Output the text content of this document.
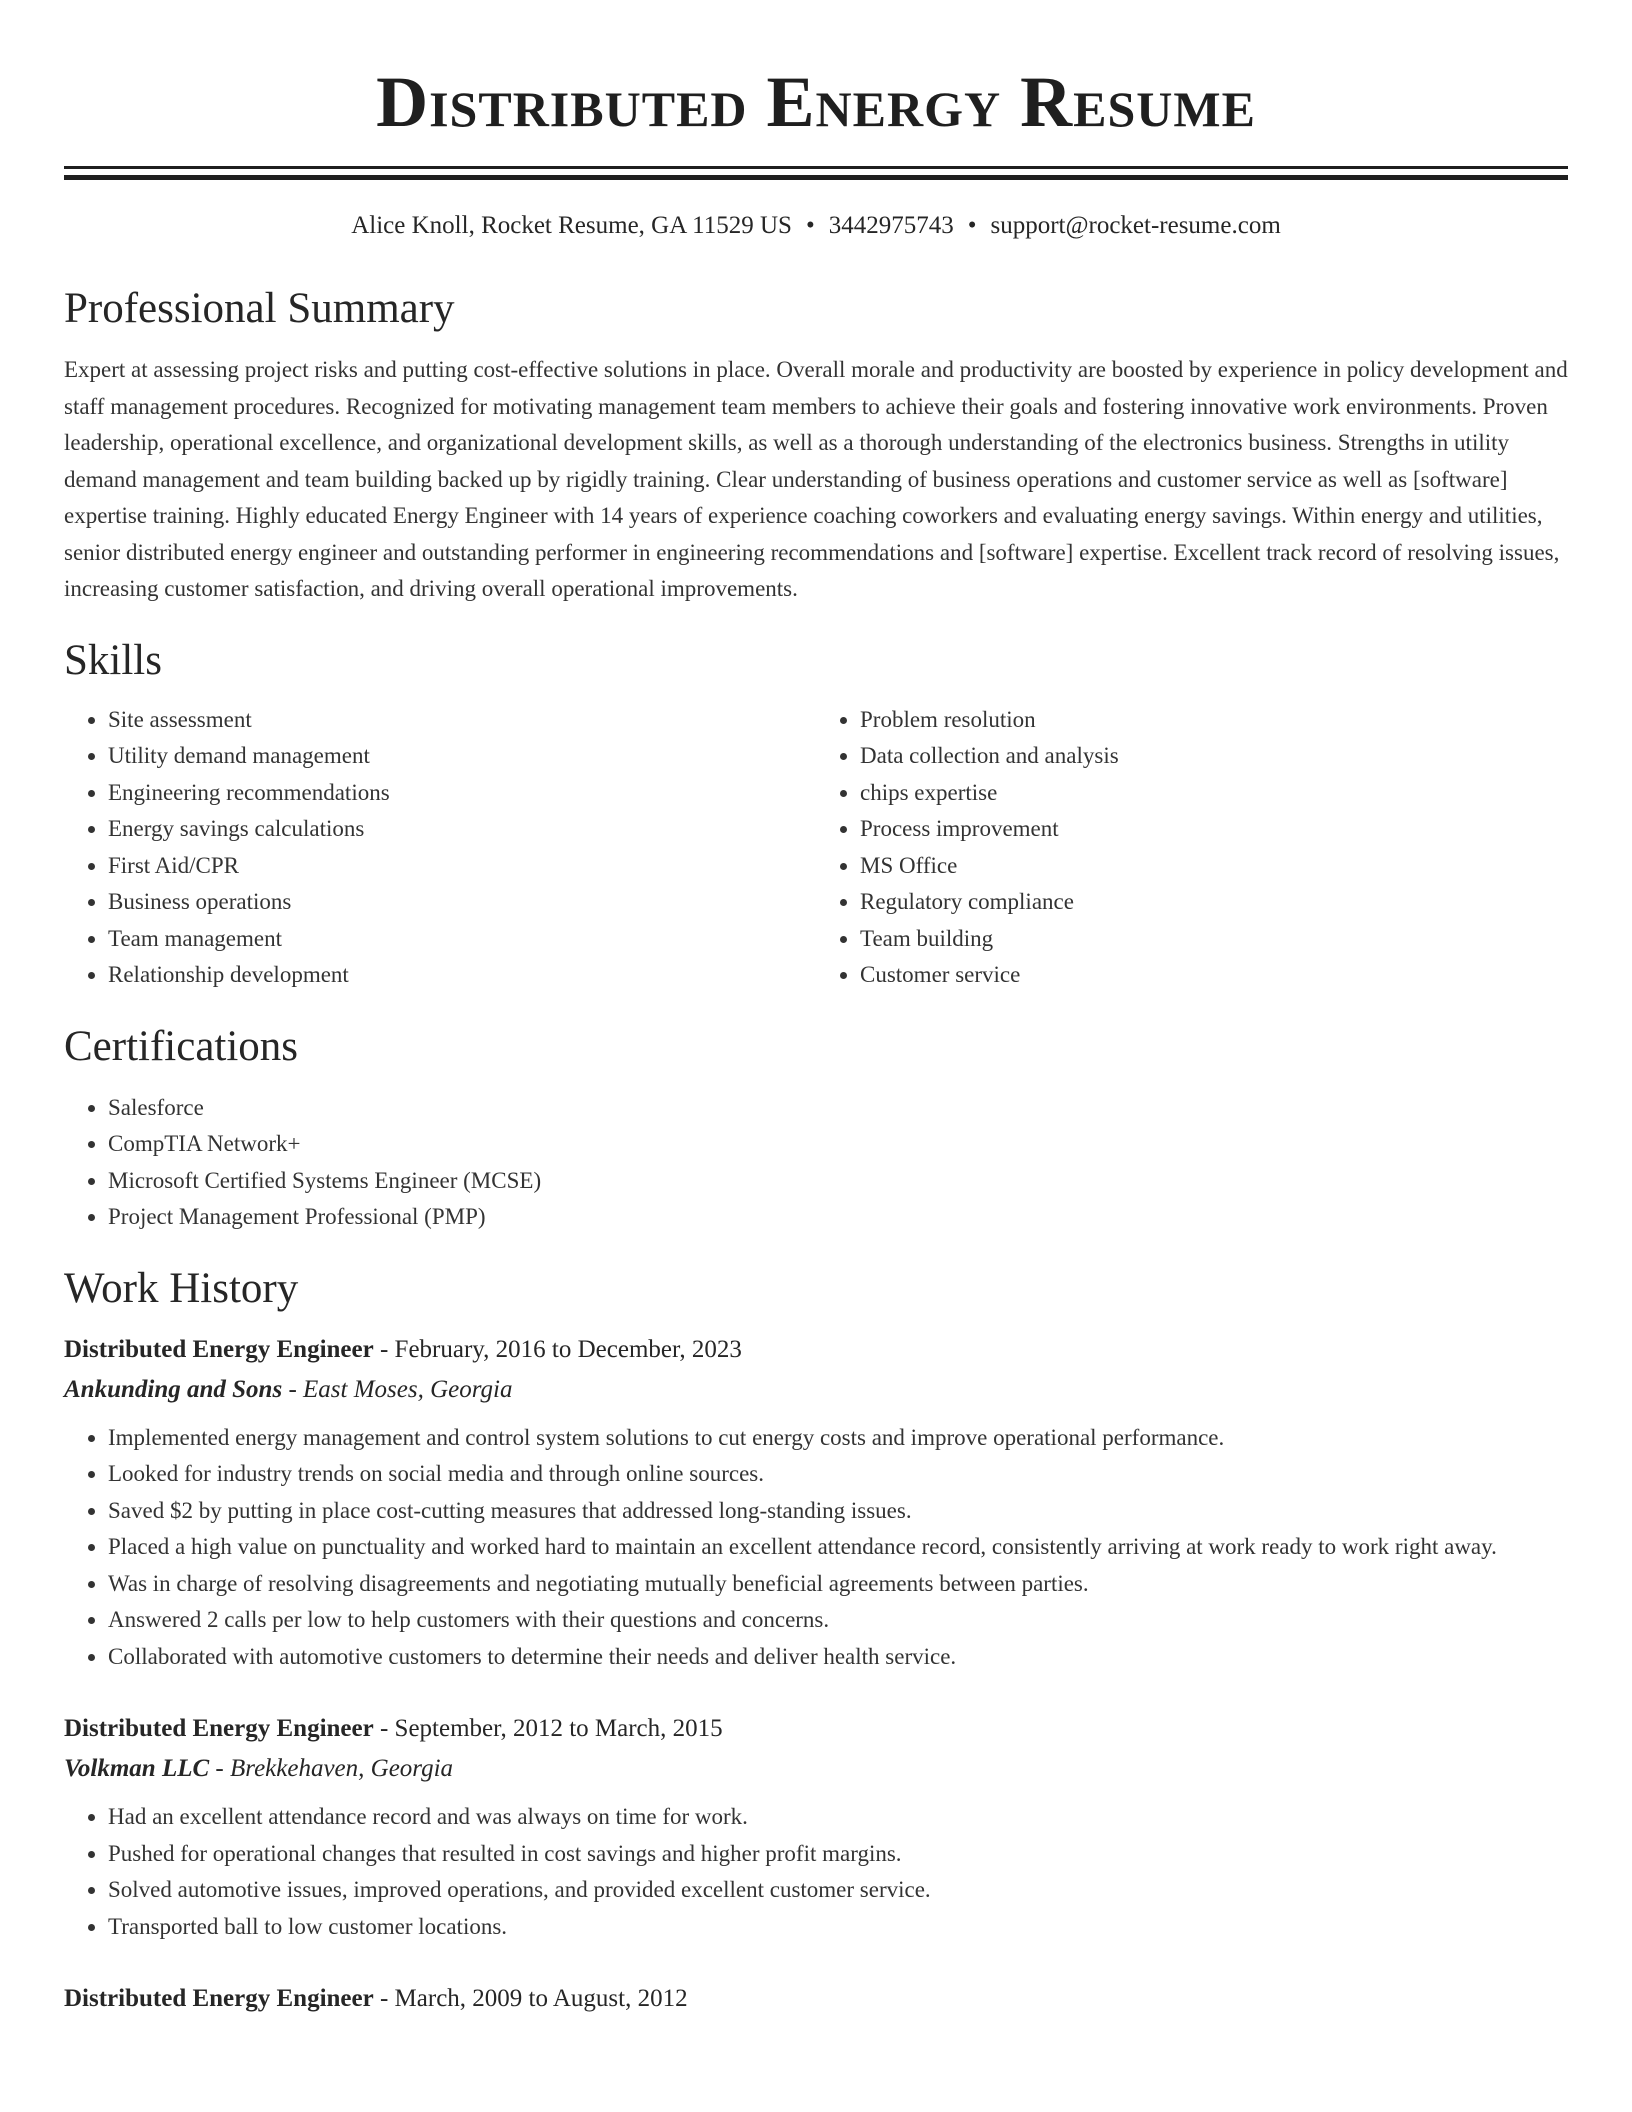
Distributed Energy Resume
Alice Knoll, Rocket Resume, GA 11529 US • 3442975743 • support@rocket-resume.com
Professional Summary
Expert at assessing project risks and putting cost-effective solutions in place. Overall morale and productivity are boosted by experience in policy development and staff management procedures. Recognized for motivating management team members to achieve their goals and fostering innovative work environments. Proven leadership, operational excellence, and organizational development skills, as well as a thorough understanding of the electronics business. Strengths in utility demand management and team building backed up by rigidly training. Clear understanding of business operations and customer service as well as [software] expertise training. Highly educated Energy Engineer with 14 years of experience coaching coworkers and evaluating energy savings. Within energy and utilities, senior distributed energy engineer and outstanding performer in engineering recommendations and [software] expertise. Excellent track record of resolving issues, increasing customer satisfaction, and driving overall operational improvements.
Skills
• Site assessment
• Utility demand management
• Engineering recommendations
• Energy savings calculations
• First Aid/CPR
• Business operations
• Team management
• Relationship development
• Problem resolution
• Data collection and analysis
• chips expertise
• Process improvement
• MS Office
• Regulatory compliance
• Team building
• Customer service
Certifications
• Salesforce
• CompTIA Network+
• Microsoft Certified Systems Engineer (MCSE)
• Project Management Professional (PMP)
Work History
Distributed Energy Engineer - February, 2016 to December, 2023
Ankunding and Sons - East Moses, Georgia
• Implemented energy management and control system solutions to cut energy costs and improve operational performance.
• Looked for industry trends on social media and through online sources.
• Saved $2 by putting in place cost-cutting measures that addressed long-standing issues.
• Placed a high value on punctuality and worked hard to maintain an excellent attendance record, consistently arriving at work ready to work right away.
• Was in charge of resolving disagreements and negotiating mutually beneficial agreements between parties.
• Answered 2 calls per low to help customers with their questions and concerns.
• Collaborated with automotive customers to determine their needs and deliver health service.
Distributed Energy Engineer - September, 2012 to March, 2015
Volkman LLC - Brekkehaven, Georgia
• Had an excellent attendance record and was always on time for work.
• Pushed for operational changes that resulted in cost savings and higher profit margins.
• Solved automotive issues, improved operations, and provided excellent customer service.
• Transported ball to low customer locations.
Distributed Energy Engineer - March, 2009 to August, 2012
